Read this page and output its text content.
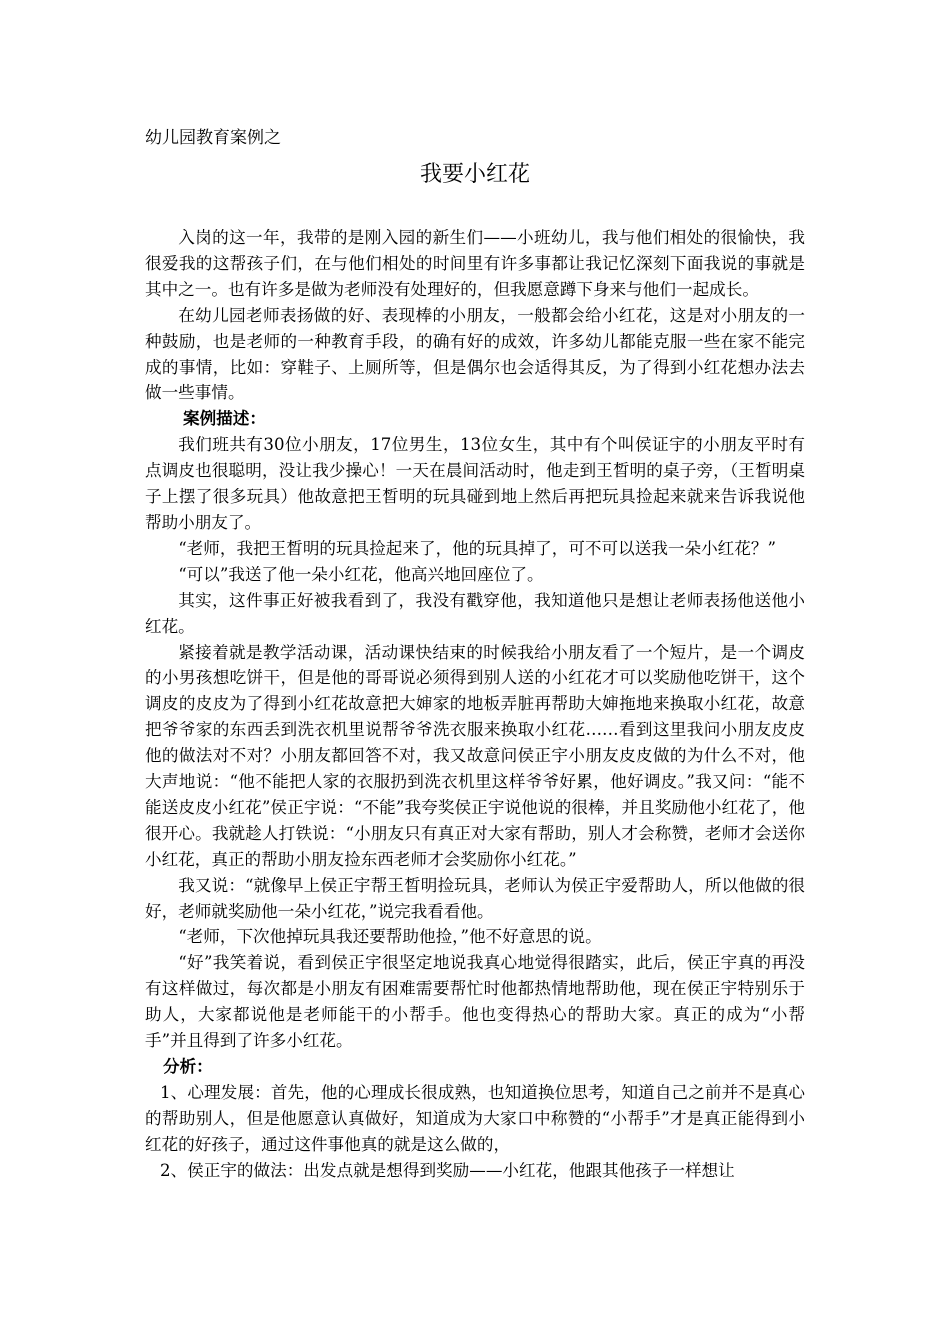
幼儿园教育案例之
我要小红花

入岗的这一年，我带的是刚入园的新生们——小班幼儿，我与他们相处的很愉快，我很爱我的这帮孩子们，在与他们相处的时间里有许多事都让我记忆深刻下面我说的事就是其中之一。也有许多是做为老师没有处理好的，但我愿意蹲下身来与他们一起成长。

在幼儿园老师表扬做的好、表现棒的小朋友，一般都会给小红花，这是对小朋友的一种鼓励，也是老师的一种教育手段，的确有好的成效，许多幼儿都能克服一些在家不能完成的事情，比如：穿鞋子、上厕所等，但是偶尔也会适得其反，为了得到小红花想办法去做一些事情。

案例描述：

我们班共有30位小朋友，17位男生，13位女生，其中有个叫侯证宇的小朋友平时有点调皮也很聪明，没让我少操心！一天在晨间活动时，他走到王晳明的桌子旁，（王晳明桌子上摆了很多玩具）他故意把王晳明的玩具碰到地上然后再把玩具捡起来就来告诉我说他帮助小朋友了。

“老师，我把王晳明的玩具捡起来了，他的玩具掉了，可不可以送我一朵小红花？”

“可以”我送了他一朵小红花，他高兴地回座位了。

其实，这件事正好被我看到了，我没有戳穿他，我知道他只是想让老师表扬他送他小红花。

紧接着就是教学活动课，活动课快结束的时候我给小朋友看了一个短片，是一个调皮的小男孩想吃饼干，但是他的哥哥说必须得到别人送的小红花才可以奖励他吃饼干，这个调皮的皮皮为了得到小红花故意把大婶家的地板弄脏再帮助大婶拖地来换取小红花，故意把爷爷家的东西丢到洗衣机里说帮爷爷洗衣服来换取小红花……看到这里我问小朋友皮皮他的做法对不对？小朋友都回答不对，我又故意问侯正宇小朋友皮皮做的为什么不对，他大声地说：“他不能把人家的衣服扔到洗衣机里这样爷爷好累，他好调皮。”我又问：“能不能送皮皮小红花”侯正宇说：“不能”我夸奖侯正宇说他说的很棒，并且奖励他小红花了，他很开心。我就趁人打铁说：“小朋友只有真正对大家有帮助，别人才会称赞，老师才会送你小红花，真正的帮助小朋友捡东西老师才会奖励你小红花。”

我又说：“就像早上侯正宇帮王晳明捡玩具，老师认为侯正宇爱帮助人，所以他做的很好，老师就奖励他一朵小红花，”说完我看看他。

“老师，下次他掉玩具我还要帮助他捡，”他不好意思的说。

“好”我笑着说，看到侯正宇很坚定地说我真心地觉得很踏实，此后，侯正宇真的再没有这样做过，每次都是小朋友有困难需要帮忙时他都热情地帮助他，现在侯正宇特别乐于助人，大家都说他是老师能干的小帮手。他也变得热心的帮助大家。真正的成为“小帮手”并且得到了许多小红花。

分析：

1、心理发展：首先，他的心理成长很成熟，也知道换位思考，知道自己之前并不是真心的帮助别人，但是他愿意认真做好，知道成为大家口中称赞的“小帮手”才是真正能得到小红花的好孩子，通过这件事他真的就是这么做的，

2、侯正宇的做法：出发点就是想得到奖励——小红花，他跟其他孩子一样想让
